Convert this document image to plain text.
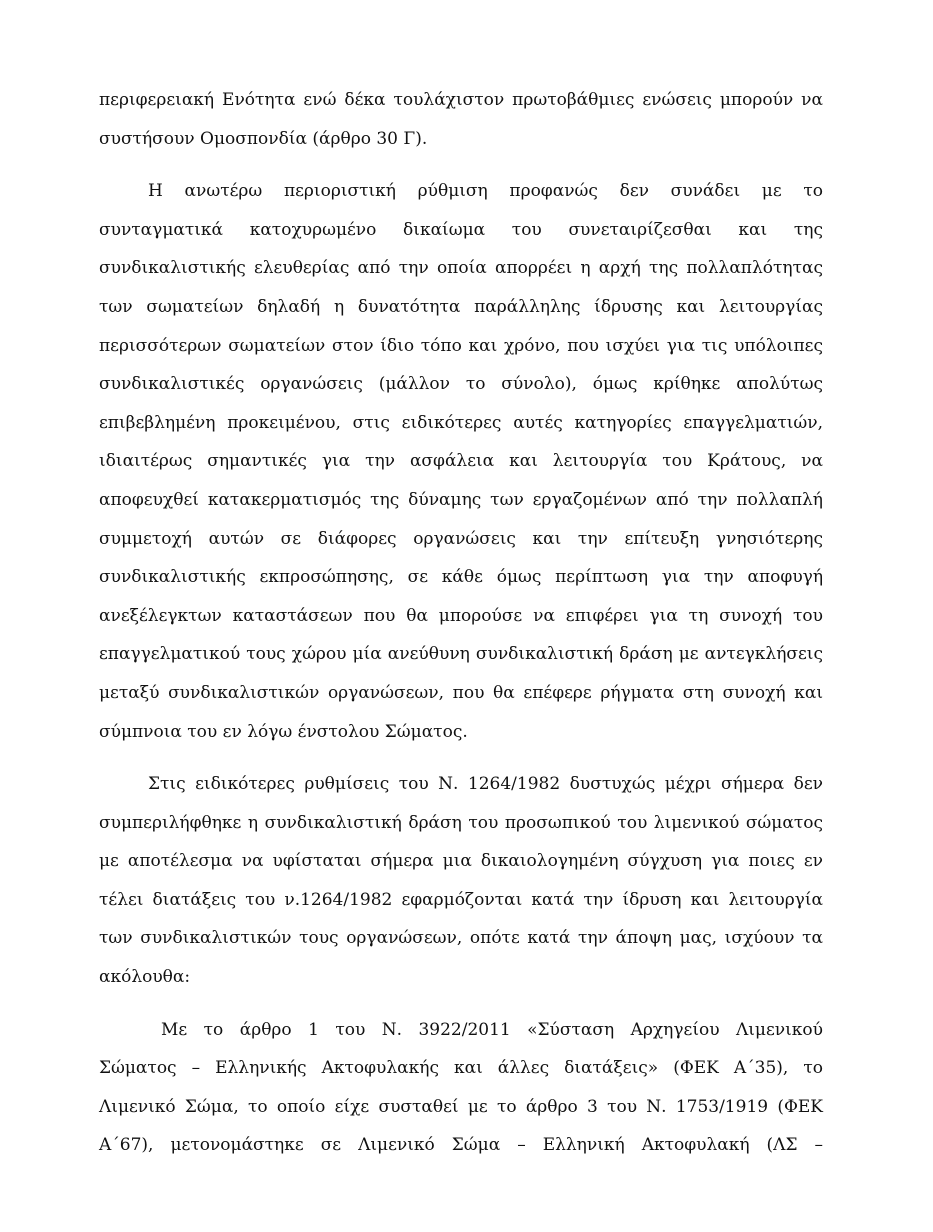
περιφερειακή Ενότητα ενώ δέκα τουλάχιστον πρωτοβάθμιες ενώσεις μπορούν να
συστήσουν Ομοσπονδία (άρθρο 30 Γ).
Η ανωτέρω περιοριστική ρύθμιση προφανώς δεν συνάδει με το
συνταγματικά κατοχυρωμένο δικαίωμα του συνεταιρίζεσθαι και της
συνδικαλιστικής ελευθερίας από την οποία απορρέει η αρχή της πολλαπλότητας
των σωματείων δηλαδή η δυνατότητα παράλληλης ίδρυσης και λειτουργίας
περισσότερων σωματείων στον ίδιο τόπο και χρόνο, που ισχύει για τις υπόλοιπες
συνδικαλιστικές οργανώσεις (μάλλον το σύνολο), όμως κρίθηκε απολύτως
επιβεβλημένη προκειμένου, στις ειδικότερες αυτές κατηγορίες επαγγελματιών,
ιδιαιτέρως σημαντικές για την ασφάλεια και λειτουργία του Κράτους, να
αποφευχθεί κατακερματισμός της δύναμης των εργαζομένων από την πολλαπλή
συμμετοχή αυτών σε διάφορες οργανώσεις και την επίτευξη γνησιότερης
συνδικαλιστικής εκπροσώπησης, σε κάθε όμως περίπτωση για την αποφυγή
ανεξέλεγκτων καταστάσεων που θα μπορούσε να επιφέρει για τη συνοχή του
επαγγελματικού τους χώρου μία ανεύθυνη συνδικαλιστική δράση με αντεγκλήσεις
μεταξύ συνδικαλιστικών οργανώσεων, που θα επέφερε ρήγματα στη συνοχή και
σύμπνοια του εν λόγω ένστολου Σώματος.
Στις ειδικότερες ρυθμίσεις του Ν. 1264/1982 δυστυχώς μέχρι σήμερα δεν
συμπεριλήφθηκε η συνδικαλιστική δράση του προσωπικού του λιμενικού σώματος
με αποτέλεσμα να υφίσταται σήμερα μια δικαιολογημένη σύγχυση για ποιες εν
τέλει διατάξεις του ν.1264/1982 εφαρμόζονται κατά την ίδρυση και λειτουργία
των συνδικαλιστικών τους οργανώσεων, οπότε κατά την άποψη μας, ισχύουν τα
ακόλουθα:
Με το άρθρο 1 του Ν. 3922/2011 «Σύσταση Αρχηγείου Λιμενικού
Σώματος – Ελληνικής Ακτοφυλακής και άλλες διατάξεις» (ΦΕΚ Α΄35), το
Λιμενικό Σώμα, το οποίο είχε συσταθεί με το άρθρο 3 του Ν. 1753/1919 (ΦΕΚ
Α΄67), μετονομάστηκε σε Λιμενικό Σώμα – Ελληνική Ακτοφυλακή (ΛΣ –
